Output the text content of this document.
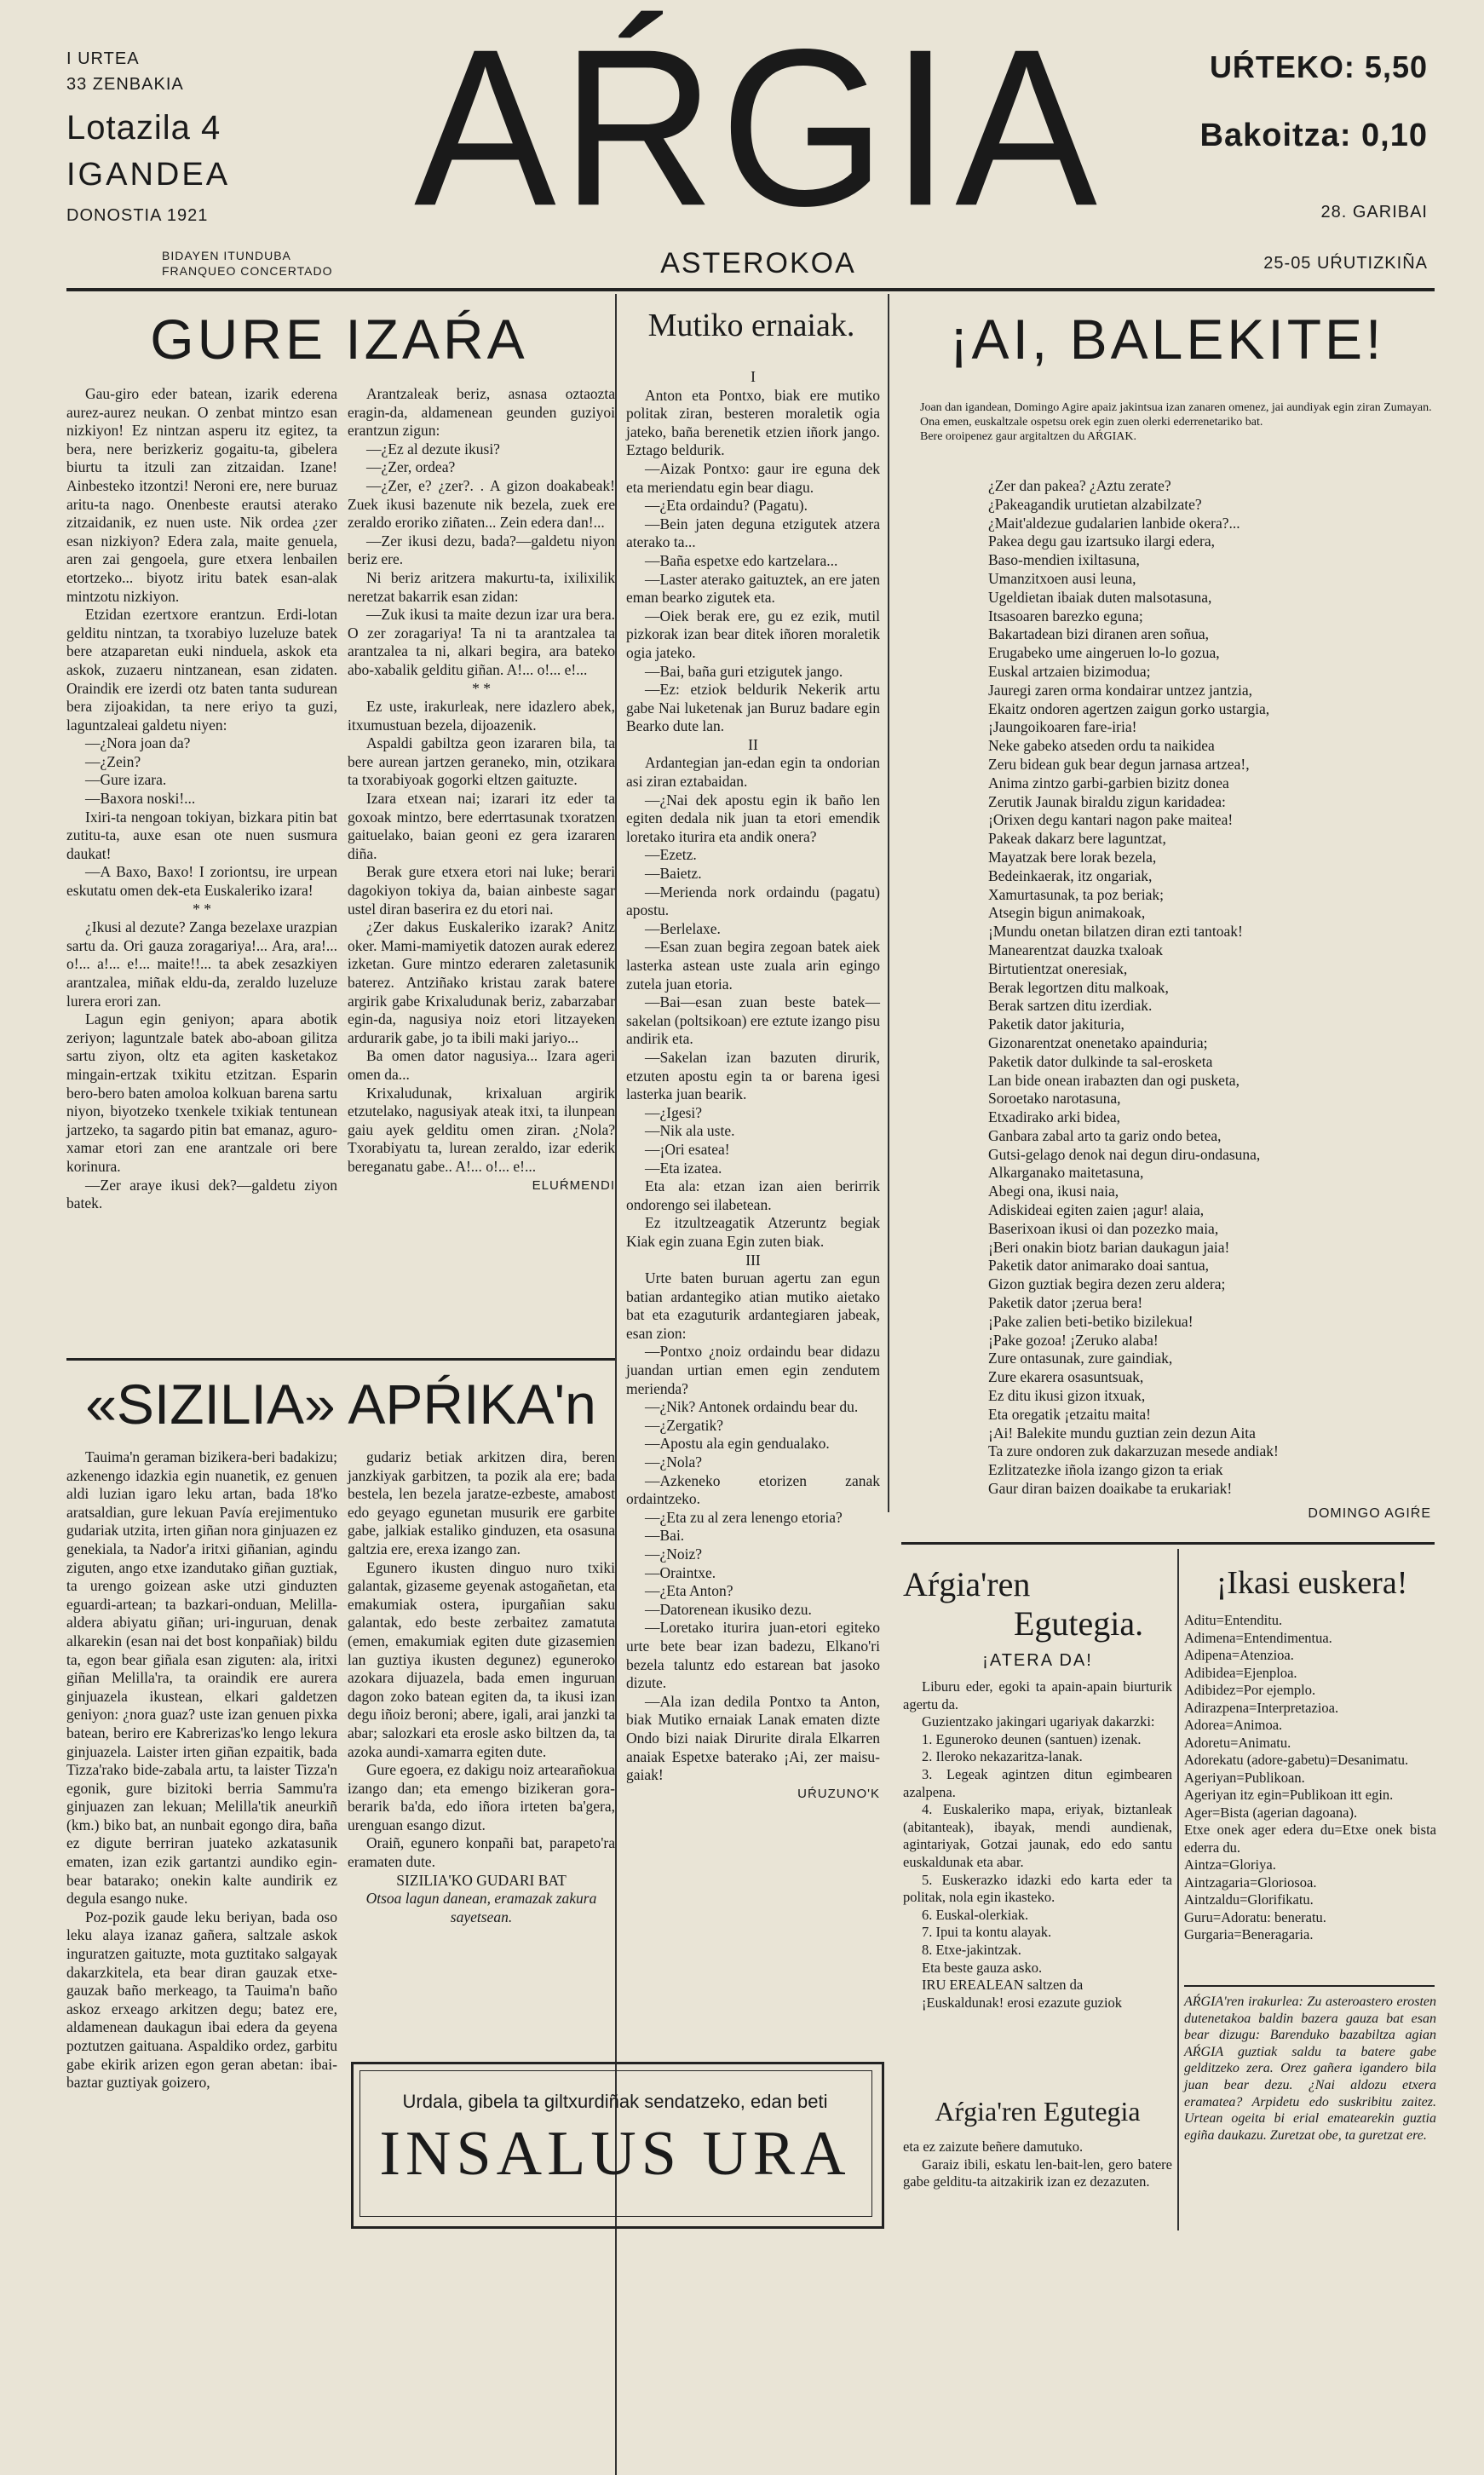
I URTEA
33 ZENBAKIA
Lotazila 4
IGANDEA
DONOSTIA 1921
BIDAYEN ITUNDUBA
FRANQUEO CONCERTADO
AŔGIA
ASTEROKOA
UŔTEKO: 5,50
Bakoitza: 0,10
28. GARIBAI
25-05 UŔUTIZKIÑA
GURE IZAŔA

Gau-giro eder batean, izarik ederena aurez-aurez neukan. O zenbat mintzo esan nizkiyon! Ez nintzan asperu itz egitez, ta bera, nere berizkeriz gogaitu-ta, gibelera biurtu ta itzuli zan zitzaidan. Izane! Ainbesteko itzontzi! Neroni ere, nere buruaz aritu-ta nago. Onenbeste erautsi aterako zitzaidanik, ez nuen uste. Nik ordea ¿zer esan nizkiyon? Edera zala, maite genuela, aren zai gengoela, gure etxera lenbailen etortzeko... biyotz iritu batek esan-alak mintzotu nizkiyon.

Etzidan ezertxore erantzun. Erdi-lotan gelditu nintzan, ta txorabiyo luzeluze batek bere atzaparetan euki ninduela, askok eta askok, zuzaeru nintzanean, esan zidaten. Oraindik ere izerdi otz baten tanta sudurean bera zijoakidan, ta nere eriyo ta guzi, laguntzaleai galdetu niyen:

—¿Nora joan da?

—¿Zein?

—Gure izara.

—Baxora noski!...

Ixiri-ta nengoan tokiyan, bizkara pitin bat zutitu-ta, auxe esan ote nuen susmura daukat!

—A Baxo, Baxo! I zoriontsu, ire urpean eskutatu omen dek-eta Euskaleriko izara!

* *

¿Ikusi al dezute? Zanga bezelaxe urazpian sartu da. Ori gauza zoragariya!... Ara, ara!... o!... a!... e!... maite!!... ta abek zesazkiyen arantzalea, miñak eldu-da, zeraldo luzeluze lurera erori zan.

Lagun egin geniyon; apara abotik zeriyon; laguntzale batek abo-aboan gilitza sartu ziyon, oltz eta agiten kasketakoz mingain-ertzak txikitu etzitzan. Esparin bero-bero baten amoloa kolkuan barena sartu niyon, biyotzeko txenkele txikiak tentunean jartzeko, ta sagardo pitin bat emanaz, aguro-xamar etori zan ene arantzale ori bere korinura.

—Zer araye ikusi dek?—galdetu ziyon batek.

Arantzaleak beriz, asnasa oztaozta eragin-da, aldamenean geunden guziyoi erantzun zigun:

—¿Ez al dezute ikusi?

—¿Zer, ordea?

—¿Zer, e? ¿zer?. . A gizon doakabeak! Zuek ikusi bazenute nik bezela, zuek ere zeraldo eroriko ziñaten... Zein edera dan!...

—Zer ikusi dezu, bada?—galdetu niyon beriz ere.

Ni beriz aritzera makurtu-ta, ixilixilik neretzat bakarrik esan zidan:

—Zuk ikusi ta maite dezun izar ura bera. O zer zoragariya! Ta ni ta arantzalea ta arantzalea ta ni, alkari begira, ara bateko abo-xabalik gelditu giñan. A!... o!... e!...

* *

Ez uste, irakurleak, nere idazlero abek, itxumustuan bezela, dijoazenik.

Aspaldi gabiltza geon izararen bila, ta bere aurean jartzen geraneko, min, otzikara ta txorabiyoak gogorki eltzen gaituzte.

Izara etxean nai; izarari itz eder ta goxoak mintzo, bere ederrtasunak txoratzen gaituelako, baian geoni ez gera izararen diña.

Berak gure etxera etori nai luke; berari dagokiyon tokiya da, baian ainbeste sagar ustel diran baserira ez du etori nai.

¿Zer dakus Euskaleriko izarak? Anitz oker. Mami-mamiyetik datozen aurak ederez izketan. Gure mintzo ederaren zaletasunik baterez. Antziñako kristau zarak batere argirik gabe Krixaludunak beriz, zabarzabar egin-da, nagusiya noiz etori litzayeken ardurarik gabe, jo ta ibili maki jariyo...

Ba omen dator nagusiya... Izara ageri omen da...

Krixaludunak, krixaluan argirik etzutelako, nagusiyak ateak itxi, ta ilunpean gaiu ayek gelditu omen ziran. ¿Nola? Txorabiyatu ta, lurean zeraldo, izar ederik bereganatu gabe.. A!... o!... e!...

ELUŔMENDI

Mutiko ernaiak.

I

Anton eta Pontxo, biak ere mutiko politak ziran, besteren moraletik ogia jateko, baña berenetik etzien iñork jango. Eztago beldurik.

—Aizak Pontxo: gaur ire eguna dek eta meriendatu egin bear diagu.

—¿Eta ordaindu? (Pagatu).

—Bein jaten deguna etzigutek atzera aterako ta...

—Baña espetxe edo kartzelara...

—Laster aterako gaituztek, an ere jaten eman bearko zigutek eta.

—Oiek berak ere, gu ez ezik, mutil pizkorak izan bear ditek iñoren moraletik ogia jateko.

—Bai, baña guri etzigutek jango.

—Ez: etziok beldurik Nekerik artu gabe Nai luketenak jan Buruz badare egin Bearko dute lan.

II

Ardantegian jan-edan egin ta ondorian asi ziran eztabaidan.

—¿Nai dek apostu egin ik baño len egiten dedala nik juan ta etori emendik loretako iturira eta andik onera?

—Ezetz.

—Baietz.

—Merienda nork ordaindu (pagatu) apostu.

—Berlelaxe.

—Esan zuan begira zegoan batek aiek lasterka astean uste zuala arin egingo zutela juan etoria.

—Bai—esan zuan beste batek—sakelan (poltsikoan) ere eztute izango pisu andirik eta.

—Sakelan izan bazuten dirurik, etzuten apostu egin ta or barena igesi lasterka juan bearik.

—¿Igesi?

—Nik ala uste.

—¡Ori esatea!

—Eta izatea.

Eta ala: etzan izan aien berirrik ondorengo sei ilabetean.

Ez itzultzeagatik Atzeruntz begiak Kiak egin zuana Egin zuten biak.

III

Urte baten buruan agertu zan egun batian ardantegiko atian mutiko aietako bat eta ezaguturik ardantegiaren jabeak, esan zion:

—Pontxo ¿noiz ordaindu bear didazu juandan urtian emen egin zendutem merienda?

—¿Nik? Antonek ordaindu bear du.

—¿Zergatik?

—Apostu ala egin gendualako.

—¿Nola?

—Azkeneko etorizen zanak ordaintzeko.

—¿Eta zu al zera lenengo etoria?

—Bai.

—¿Noiz?

—Oraintxe.

—¿Eta Anton?

—Datorenean ikusiko dezu.

—Loretako iturira juan-etori egiteko urte bete bear izan badezu, Elkano'ri bezela taluntz edo estarean bat jasoko dizute.

—Ala izan dedila Pontxo ta Anton, biak Mutiko ernaiak Lanak ematen dizte Ondo bizi naiak Dirurite dirala Elkarren anaiak Espetxe baterako ¡Ai, zer maisu-gaiak!

UŔUZUNO'K

¡AI, BALEKITE!

Joan dan igandean, Domingo Agire apaiz jakintsua izan zanaren omenez, jai aundiyak egin ziran Zumayan.

Ona emen, euskaltzale ospetsu orek egin zuen olerki ederrenetariko bat.

Bere oroipenez gaur argitaltzen du AŔGIAK.

¿Zer dan pakea? ¿Aztu zerate?

¿Pakeagandik urutietan alzabilzate?

¿Mait'aldezue gudalarien lanbide okera?...

Pakea degu gau izartsuko ilargi edera,

Baso-mendien ixiltasuna,

Umanzitxoen ausi leuna,

Ugeldietan ibaiak duten malsotasuna,

Itsasoaren barezko eguna;

Bakartadean bizi diranen aren soñua,

Erugabeko ume aingeruen lo-lo gozua,

Euskal artzaien bizimodua;

Jauregi zaren orma kondairar untzez jantzia,

Ekaitz ondoren agertzen zaigun gorko ustargia,

¡Jaungoikoaren fare-iria!

Neke gabeko atseden ordu ta naikidea

Zeru bidean guk bear degun jarnasa artzea!,

Anima zintzo garbi-garbien bizitz donea

Zerutik Jaunak biraldu zigun karidadea:

¡Orixen degu kantari nagon pake maitea!

Pakeak dakarz bere laguntzat,

Mayatzak bere lorak bezela,

Bedeinkaerak, itz ongariak,

Xamurtasunak, ta poz beriak;

Atsegin bigun animakoak,

¡Mundu onetan bilatzen diran ezti tantoak!

Manearentzat dauzka txaloak

Birtutientzat oneresiak,

Berak legortzen ditu malkoak,

Berak sartzen ditu izerdiak.

Paketik dator jakituria,

Gizonarentzat onenetako apainduria;

Paketik dator dulkinde ta sal-erosketa

Lan bide onean irabazten dan ogi pusketa,

Soroetako narotasuna,

Etxadirako arki bidea,

Ganbara zabal arto ta gariz ondo betea,

Gutsi-gelago denok nai degun diru-ondasuna,

Alkarganako maitetasuna,

Abegi ona, ikusi naia,

Adiskideai egiten zaien ¡agur! alaia,

Baserixoan ikusi oi dan pozezko maia,

¡Beri onakin biotz barian daukagun jaia!

Paketik dator animarako doai santua,

Gizon guztiak begira dezen zeru aldera;

Paketik dator ¡zerua bera!

¡Pake zalien beti-betiko bizilekua!

¡Pake gozoa! ¡Zeruko alaba!

Zure ontasunak, zure gaindiak,

Zure ekarera osasuntsuak,

Ez ditu ikusi gizon itxuak,

Eta oregatik ¡etzaitu maita!

¡Ai! Balekite mundu guztian zein dezun Aita

Ta zure ondoren zuk dakarzuzan mesede andiak!

Ezlitzatezke iñola izango gizon ta eriak

Gaur diran baizen doaikabe ta erukariak!

DOMINGO AGIŔE
«SIZILIA» APŔIKA'n

Tauima'n geraman bizikera-beri badakizu; azkenengo idazkia egin nuanetik, ez genuen aldi luzian igaro leku artan, bada 18'ko aratsaldian, gure lekuan Pavía erejimentuko gudariak utzita, irten giñan nora ginjuazen ez genekiala, ta Nador'a iritxi giñanian, agindu ziguten, ango etxe izandutako giñan guztiak, ta urengo goizean aske utzi ginduzten eguardi-artean; ta bazkari-onduan, Melilla-aldera abiyatu giñan; uri-inguruan, denak alkarekin (esan nai det bost konpañiak) bildu ta, egon bear giñala esan ziguten: ala, iritxi giñan Melilla'ra, ta oraindik ere aurera ginjuazela ikustean, elkari galdetzen geniyon: ¿nora guaz? uste izan genuen pixka batean, beriro ere Kabrerizas'ko lengo lekura ginjuazela. Laister irten giñan ezpaitik, bada Tizza'rako bide-zabala artu, ta laister Tizza'n egonik, gure bizitoki berria Sammu'ra ginjuazen zan lekuan; Melilla'tik aneurkiñ (km.) biko bat, an nunbait egongo dira, baña ez digute berriran juateko azkatasunik ematen, izan ezik gartantzi aundiko egin-bear batarako; onekin kalte aundirik ez degula esango nuke.

Poz-pozik gaude leku beriyan, bada oso leku alaya izanaz gañera, saltzale askok inguratzen gaituzte, mota guztitako salgayak dakarzkitela, eta bear diran gauzak etxe-gauzak baño merkeago, ta Tauima'n baño askoz erxeago arkitzen degu; batez ere, aldamenean daukagun ibai edera da geyena poztutzen gaituana. Aspaldiko ordez, garbitu gabe ekirik arizen egon geran abetan: ibai-baztar guztiyak goizero,

gudariz betiak arkitzen dira, beren janzkiyak garbitzen, ta pozik ala ere; bada bestela, len bezela jaratze-ezbeste, amabost edo geyago egunetan musurik ere garbite gabe, jalkiak estaliko ginduzen, eta osasuna galtzia ere, erexa izango zan.

Egunero ikusten dinguo nuro txiki galantak, gizaseme geyenak astogañetan, eta emakumiak ostera, ipurgañian saku galantak, edo beste zerbaitez zamatuta (emen, emakumiak egiten dute gizasemien lan guztiya ikusten degunez) eguneroko azokara dijuazela, bada emen inguruan dagon zoko batean egiten da, ta ikusi izan degu iñoiz beroni; abere, igali, arai janzki ta abar; salozkari eta erosle asko biltzen da, ta azoka aundi-xamarra egiten dute.

Gure egoera, ez dakigu noiz artearañokua izango dan; eta emengo bizikeran gora-berarik ba'da, edo iñora irteten ba'gera, urenguan esango dizut.

Oraiñ, egunero konpañi bat, parapeto'ra eramaten dute.

SIZILIA'KO GUDARI BAT

Otsoa lagun danean, eramazak zakura sayetsean.

Urdala, gibela ta giltxurdiñak sendatzeko, edan beti
INSALUS URA
Aŕgia'ren
Egutegia.
¡ATERA DA!

Liburu eder, egoki ta apain-apain biurturik agertu da.

Guzientzako jakingari ugariyak dakarzki:

1. Eguneroko deunen (santuen) izenak.

2. Ileroko nekazaritza-lanak.

3. Legeak agintzen ditun egimbearen azalpena.

4. Euskaleriko mapa, eriyak, biztanleak (abitanteak), ibayak, mendi aundienak, agintariyak, Gotzai jaunak, edo edo santu euskaldunak eta abar.

5. Euskerazko idazki edo karta eder ta politak, nola egin ikasteko.

6. Euskal-olerkiak.

7. Ipui ta kontu alayak.

8. Etxe-jakintzak.

Eta beste gauza asko.

IRU EREALEAN saltzen da

¡Euskaldunak! erosi ezazute guziok

Aŕgia'ren Egutegia

eta ez zaizute beñere damutuko.

Garaiz ibili, eskatu len-bait-len, gero batere gabe gelditu-ta aitzakirik izan ez dezazuten.

¡Ikasi euskera!

Aditu=Entenditu.

Adimena=Entendimentua.

Adipena=Atenzioa.

Adibidea=Ejenploa.

Adibidez=Por ejemplo.

Adirazpena=Interpretazioa.

Adorea=Animoa.

Adoretu=Animatu.

Adorekatu (adore-gabetu)=Desanimatu.

Ageriyan=Publikoan.

Ageriyan itz egin=Publikoan itt egin.

Ager=Bista (agerian dagoana).

Etxe onek ager edera du=Etxe onek bista ederra du.

Aintza=Gloriya.

Aintzagaria=Gloriosoa.

Aintzaldu=Glorifikatu.

Guru=Adoratu: beneratu.

Gurgaria=Beneragaria.

AŔGIA'ren irakurlea: Zu asteroastero erosten dutenetakoa baldin bazera gauza bat esan bear dizugu: Barenduko bazabiltza agian AŔGIA guztiak saldu ta batere gabe gelditzeko zera. Orez gañera igandero bila juan bear dezu. ¿Nai aldozu etxera eramatea? Arpidetu edo suskribitu zaitez. Urtean ogeita bi erial ematearekin guztia egiña daukazu. Zuretzat obe, ta guretzat ere.
